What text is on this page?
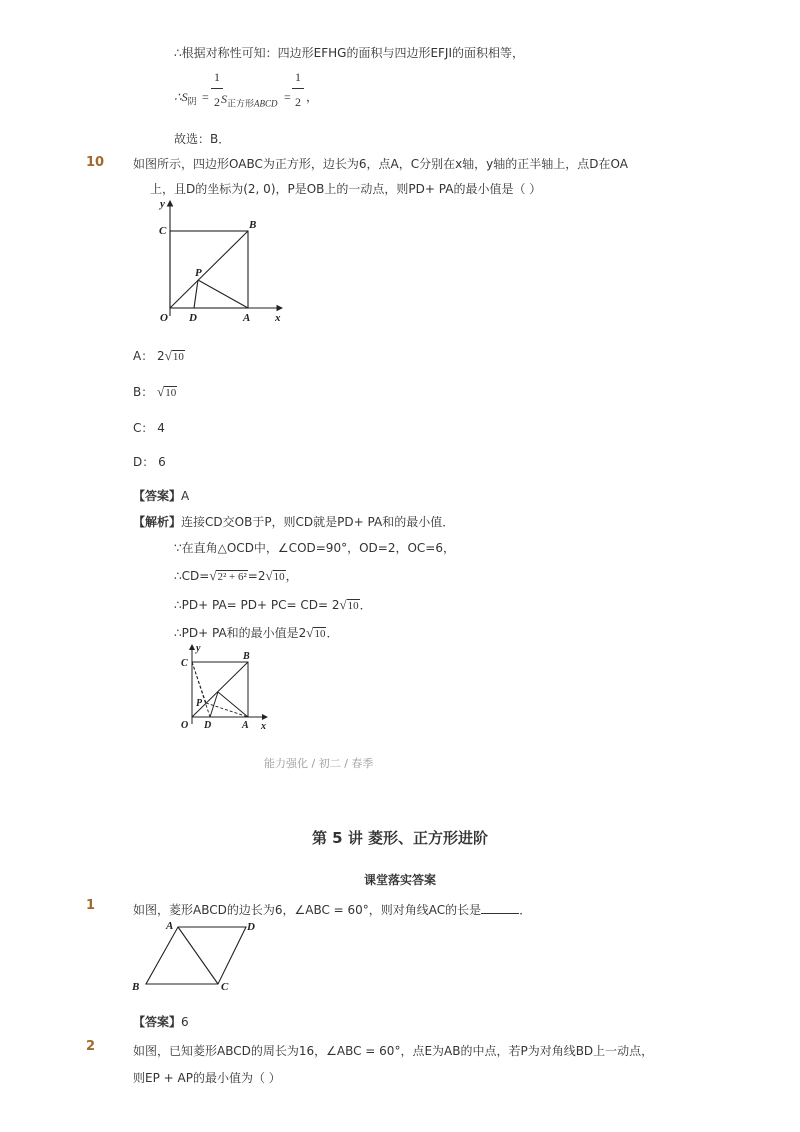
∴根据对称性可知：四边形EFHG的面积与四边形EFJI的面积相等，
$\therefore S_阴$ =
1
2 $S_{正方形ABCD}$ =
1
2 ，
故选：B．
10 如图所示，四边形OABC为正方形，边长为6，点A，C分别在x轴，y轴的正半轴上，点D在OA
上，且D的坐标为(2, 0)，P是OB上的一动点，则PD+ PA的最小值是（ ）
y
x
B
C
P
O D	A
A： 2√10
B： √10
C： 4
D： 6
【答案】A
【解析】连接CD交OB于P，则CD就是PD+ PA和的最小值．
∵在直角△OCD中，∠COD=90°，OD=2，OC=6，
∴CD=√2² + 6²=2√10，
∴PD+ PA= PD+ PC= CD= 2√10．
∴PD+ PA和的最小值是2√10．
y
x
B
C
P
O D	A
能力强化 / 初二 / 春季
第 5 讲 菱形、正方形进阶
课堂落实答案
1	如图，菱形ABCD的边长为6，∠ABC = 60°，则对角线AC的长是	．
A	D
B	C
【答案】6
2	如图，已知菱形ABCD的周长为16，∠ABC = 60°，点E为AB的中点，若P为对角线BD上一动点，
则EP + AP的最小值为（ ）
